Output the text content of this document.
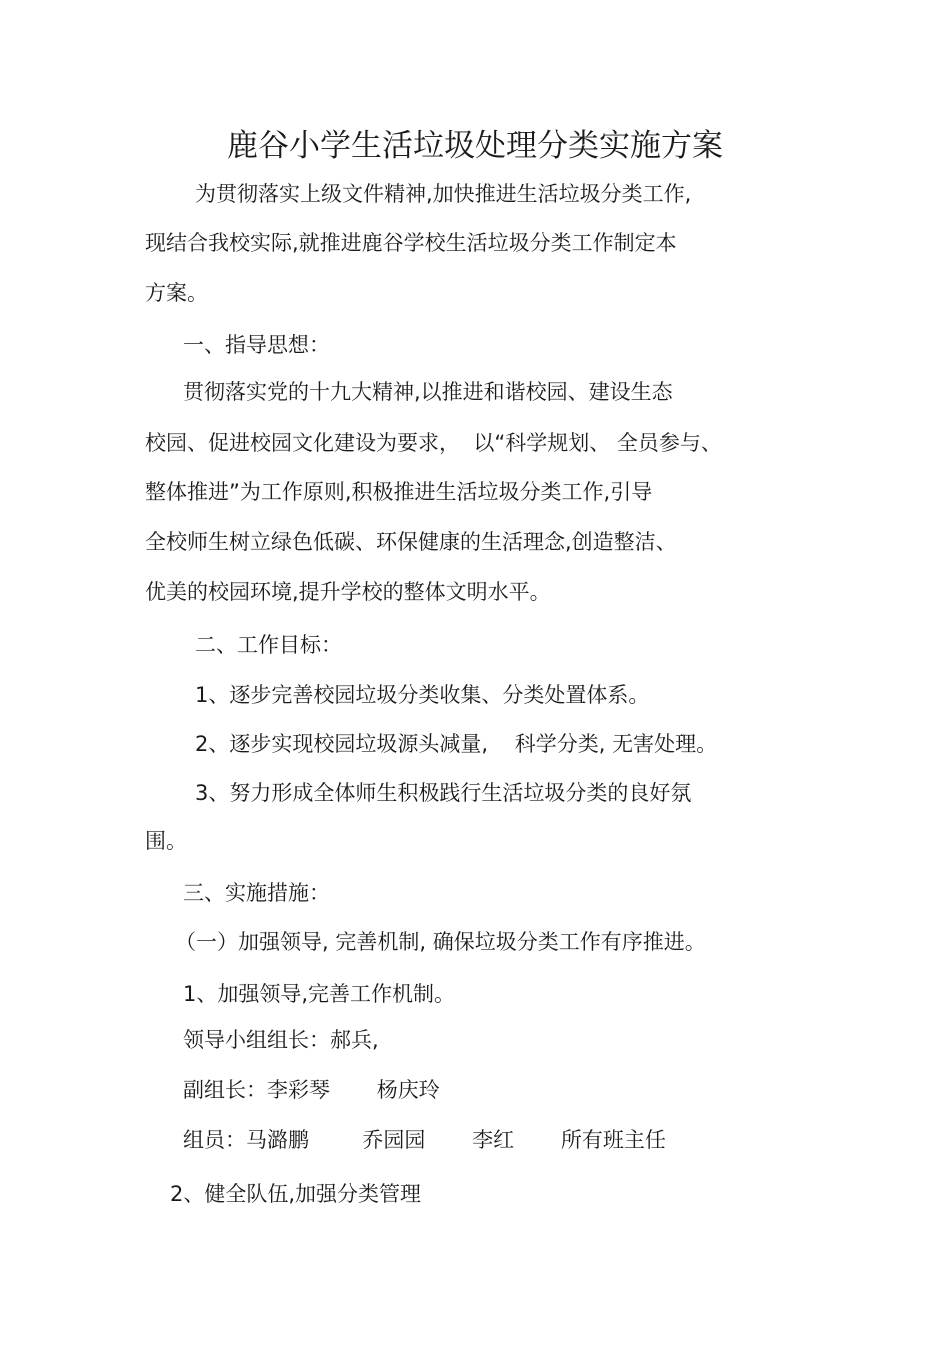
鹿谷小学生活垃圾处理分类实施方案

为贯彻落实上级文件精神,加快推进生活垃圾分类工作,

现结合我校实际,就推进鹿谷学校生活垃圾分类工作制定本

方案。

一、指导思想：

贯彻落实党的十九大精神,以推进和谐校园、建设生态

校园、促进校园文化建设为要求，  以“科学规划、 全员参与、

整体推进”为工作原则,积极推进生活垃圾分类工作,引导

全校师生树立绿色低碳、环保健康的生活理念,创造整洁、

优美的校园环境,提升学校的整体文明水平。

二、工作目标：

1、逐步完善校园垃圾分类收集、分类处置体系。

2、逐步实现校园垃圾源头减量,    科学分类, 无害处理。

3、努力形成全体师生积极践行生活垃圾分类的良好氛

围。

三、实施措施：

（一）加强领导, 完善机制, 确保垃圾分类工作有序推进。

1、加强领导,完善工作机制。

领导小组组长：郝兵,

副组长：李彩琴       杨庆玲

组员：马潞鹏        乔园园       李红       所有班主任

2、健全队伍,加强分类管理
